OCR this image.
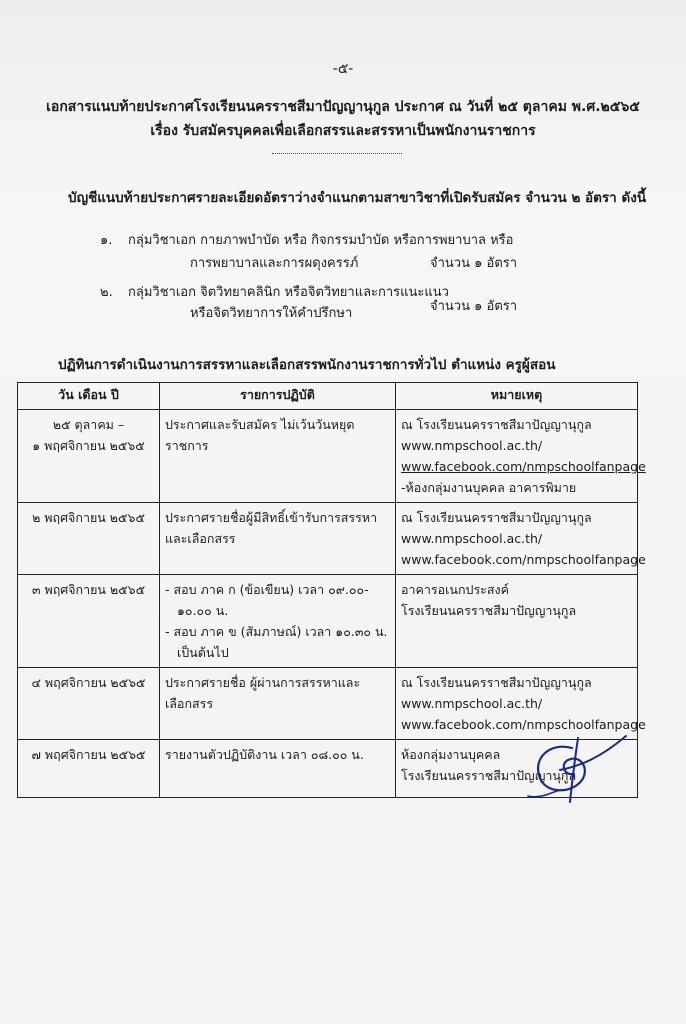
-๕-
เอกสารแนบท้ายประกาศโรงเรียนนครราชสีมาปัญญานุกูล ประกาศ ณ วันที่ ๒๕ ตุลาคม พ.ศ.๒๕๖๕
เรื่อง รับสมัครบุคคลเพื่อเลือกสรรและสรรหาเป็นพนักงานราชการ
บัญชีแนบท้ายประกาศรายละเอียดอัตราว่างจำแนกตามสาขาวิชาที่เปิดรับสมัคร จำนวน ๒ อัตรา ดังนี้
๑. กลุ่มวิชาเอก กายภาพบำบัด หรือ กิจกรรมบำบัด หรือการพยาบาล หรือ
การพยาบาลและการผดุงครรภ์	จำนวน ๑ อัตรา
๒. กลุ่มวิชาเอก จิตวิทยาคลินิก หรือจิตวิทยาและการแนะแนว
หรือจิตวิทยาการให้คำปรึกษา	จำนวน ๑ อัตรา
ปฏิทินการดำเนินงานการสรรหาและเลือกสรรพนักงานราชการทั่วไป ตำแหน่ง ครูผู้สอน
วัน เดือน ปี	รายการปฏิบัติ	หมายเหตุ

๒๕ ตุลาคม –
๑ พฤศจิกายน ๒๕๖๕	ประกาศและรับสมัคร ไม่เว้นวันหยุดราชการ	ณ โรงเรียนนครราชสีมาปัญญานุกูล
www.nmpschool.ac.th/
www.facebook.com/nmpschoolfanpage
-ห้องกลุ่มงานบุคคล อาคารพิมาย

๒ พฤศจิกายน ๒๕๖๕	ประกาศรายชื่อผู้มีสิทธิ์เข้ารับการสรรหา
และเลือกสรร	ณ โรงเรียนนครราชสีมาปัญญานุกูล
www.nmpschool.ac.th/
www.facebook.com/nmpschoolfanpage

๓ พฤศจิกายน ๒๕๖๕	- สอบ ภาค ก (ข้อเขียน) เวลา ๐๙.๐๐-
๑๐.๐๐ น.
- สอบ ภาค ข (สัมภาษณ์) เวลา ๑๐.๓๐ น.
เป็นต้นไป	อาคารอเนกประสงค์
โรงเรียนนครราชสีมาปัญญานุกูล

๔ พฤศจิกายน ๒๕๖๕	ประกาศรายชื่อ ผู้ผ่านการสรรหาและเลือกสรร	ณ โรงเรียนนครราชสีมาปัญญานุกูล
www.nmpschool.ac.th/
www.facebook.com/nmpschoolfanpage

๗ พฤศจิกายน ๒๕๖๕	รายงานตัวปฏิบัติงาน เวลา ๐๘.๐๐ น.	ห้องกลุ่มงานบุคคล
โรงเรียนนครราชสีมาปัญญานุกูล
